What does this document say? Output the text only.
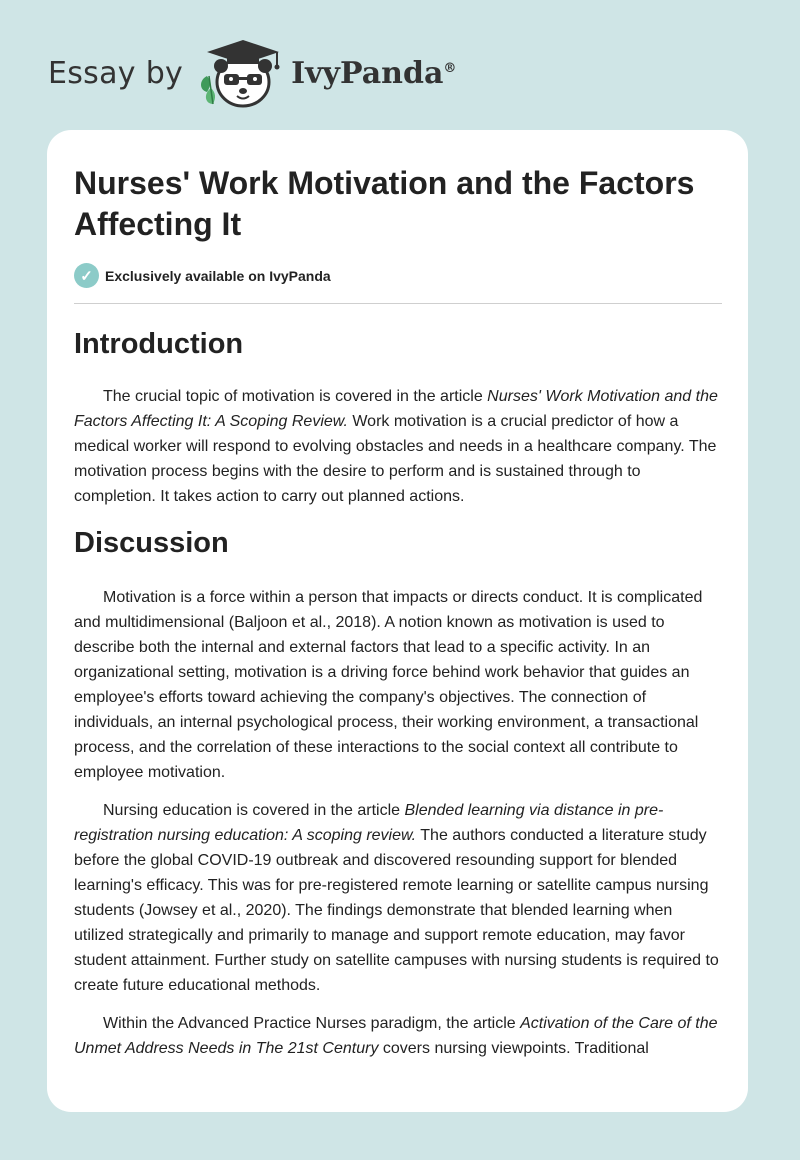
Essay by	IvyPanda®
Nurses' Work Motivation and the Factors Affecting It
✓ Exclusively available on IvyPanda
Introduction

The crucial topic of motivation is covered in the article Nurses' Work Motivation and the Factors Affecting It: A Scoping Review. Work motivation is a crucial predictor of how a medical worker will respond to evolving obstacles and needs in a healthcare company. The motivation process begins with the desire to perform and is sustained through to completion. It takes action to carry out planned actions.

Discussion

Motivation is a force within a person that impacts or directs conduct. It is complicated and multidimensional (Baljoon et al., 2018). A notion known as motivation is used to describe both the internal and external factors that lead to a specific activity. In an organizational setting, motivation is a driving force behind work behavior that guides an employee's efforts toward achieving the company's objectives. The connection of individuals, an internal psychological process, their working environment, a transactional process, and the correlation of these interactions to the social context all contribute to employee motivation.

Nursing education is covered in the article Blended learning via distance in pre-registration nursing education: A scoping review. The authors conducted a literature study before the global COVID-19 outbreak and discovered resounding support for blended learning's efficacy. This was for pre-registered remote learning or satellite campus nursing students (Jowsey et al., 2020). The findings demonstrate that blended learning when utilized strategically and primarily to manage and support remote education, may favor student attainment. Further study on satellite campuses with nursing students is required to create future educational methods.

Within the Advanced Practice Nurses paradigm, the article Activation of the Care of the Unmet Address Needs in The 21st Century covers nursing viewpoints. Traditional
